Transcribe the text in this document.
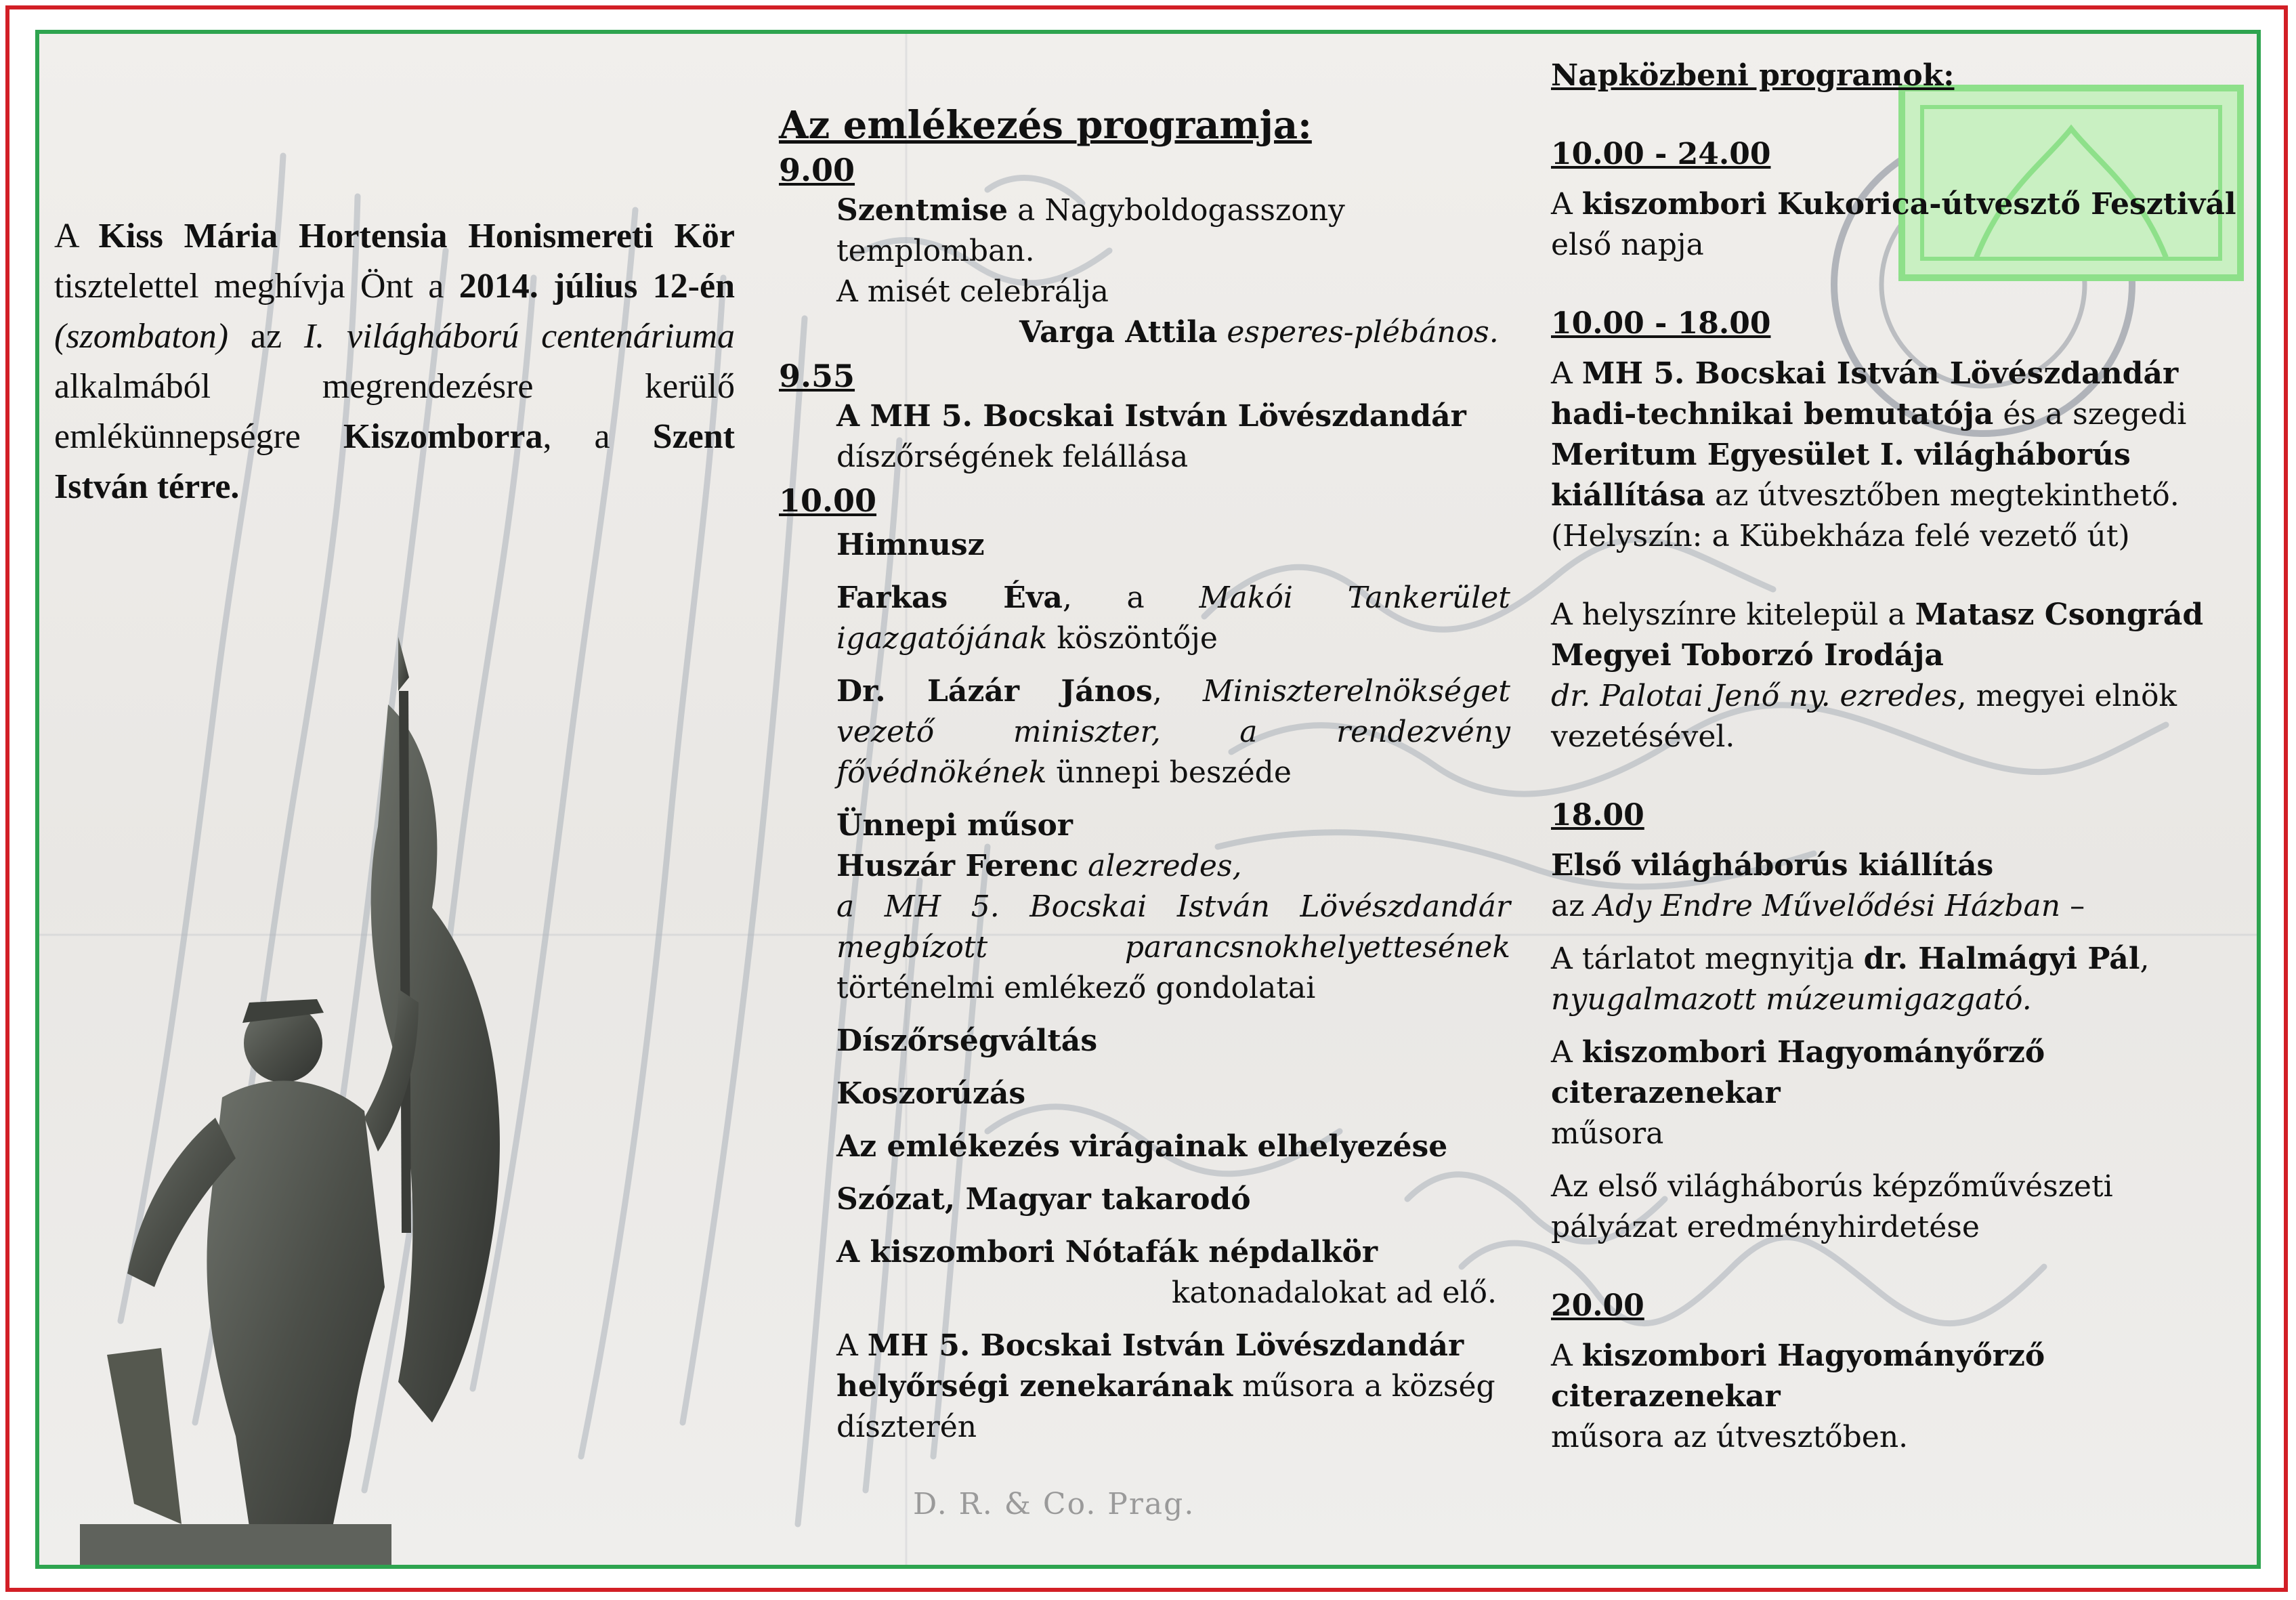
D. R. & Co. Prag.
A Kiss Mária Hortensia Honismereti Kör tisztelettel meghívja Önt a 2014. július 12-én (szombaton) az I. világháború centenáriuma alkalmából megrendezésre kerülő emlékünnepségre Kiszomborra, a Szent István térre.
Az emlékezés programja:
9.00
Szentmise a Nagyboldogasszony templomban.
A misét celebrálja
Varga Attila esperes-plébános.
9.55
A MH 5. Bocskai István Lövészdandár
díszőrségének felállása
10.00
Himnusz
Farkas Éva, a Makói Tankerület igazgatójának köszöntője
Dr. Lázár János, Miniszterelnökséget vezető miniszter, a rendezvény fővédnökének ünnepi beszéde
Ünnepi műsor
Huszár Ferenc alezredes,
a MH 5. Bocskai István Lövészdandár megbízott parancsnokhelyettesének történelmi emlékező gondolatai
Díszőrségváltás
Koszorúzás
Az emlékezés virágainak elhelyezése
Szózat, Magyar takarodó
A kiszombori Nótafák népdalkör
katonadalokat ad elő.
A MH 5. Bocskai István Lövészdandár helyőrségi zenekarának műsora a község díszterén
Napközbeni programok:
10.00 - 24.00
A kiszombori Kukorica-útvesztő Fesztivál első napja
10.00 - 18.00
A MH 5. Bocskai István Lövészdandár hadi-technikai bemutatója és a szegedi Meritum Egyesület I. világháborús kiállítása az útvesztőben megtekinthető.
(Helyszín: a Kübekháza felé vezető út)
A helyszínre kitelepül a Matasz Csongrád Megyei Toborzó Irodája
dr. Palotai Jenő ny. ezredes, megyei elnök vezetésével.
18.00
Első világháborús kiállítás
az Ady Endre Művelődési Házban –
A tárlatot megnyitja dr. Halmágyi Pál,
nyugalmazott múzeumigazgató.
A kiszombori Hagyományőrző citerazenekar
műsora
Az első világháborús képzőművészeti pályázat eredményhirdetése
20.00
A kiszombori Hagyományőrző citerazenekar
műsora az útvesztőben.
